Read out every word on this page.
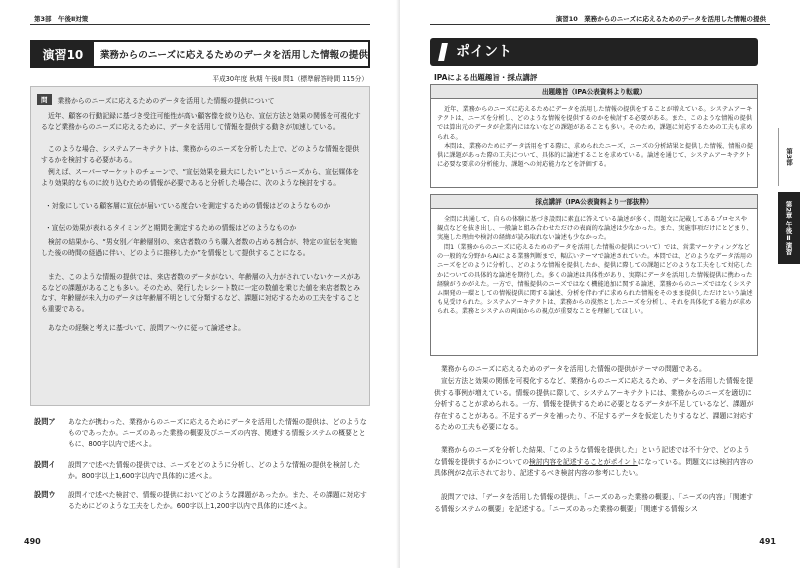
第3部　午後Ⅱ対策
演習10	業務からのニーズに応えるためのデータを活用した情報の提供
平成30年度 秋期 午後Ⅱ 問1（標準解答時間 115分）
問	業務からのニーズに応えるためのデータを活用した情報の提供について

近年、顧客の行動記録に基づき受注可能性が高い顧客像を絞り込む、宣伝方法と効果の関係を可視化するなど業務からのニーズに応えるために、データを活用して情報を提供する動きが加速している。

このような場合、システムアーキテクトは、業務からのニーズを分析した上で、どのような情報を提供するかを検討する必要がある。

例えば、スーパーマーケットのチェーンで、“宣伝効果を最大にしたい”というニーズから、宣伝媒体をより効果的なものに絞り込むための情報が必要であると分析した場合に、次のような検討をする。

・対象にしている顧客層に宣伝が届いている度合いを測定するための情報はどのようなものか

・宣伝の効果が表れるタイミングと期間を測定するための情報はどのようなものか

検討の結果から、“男女別／年齢層別の、来店者数のうち購入者数の占める割合が、特定の宣伝を実施した後の時間の経過に伴い、どのように推移したか”を情報として提供することになる。

また、このような情報の提供では、来店者数のデータがない、年齢層の入力がされていないケースがあるなどの課題があることも多い。そのため、発行したレシート数に一定の数値を乗じた値を来店者数とみなす、年齢層が未入力のデータは年齢層不明として分類するなど、課題に対応するための工夫をすることも重要である。

あなたの経験と考えに基づいて、設問ア～ウに従って論述せよ。

設問ア	あなたが携わった、業務からのニーズに応えるためにデータを活用した情報の提供は、どのようなものであったか。ニーズのあった業務の概要及びニーズの内容、関連する情報システムの概要とともに、800字以内で述べよ。
設問イ	設問アで述べた情報の提供では、ニーズをどのように分析し、どのような情報の提供を検討したか。800字以上1,600字以内で具体的に述べよ。
設問ウ	設問イで述べた検討で、情報の提供においてどのような課題があったか。また、その課題に対応するためにどのような工夫をしたか。600字以上1,200字以内で具体的に述べよ。
490
演習10　業務からのニーズに応えるためのデータを活用した情報の提供
ポイント
IPAによる出題趣旨・採点講評
出題趣旨（IPA公表資料より転載）

近年、業務からのニーズに応えるためにデータを活用した情報の提供をすることが増えている。システムアーキテクトは、ニーズを分析し、どのような情報を提供するのかを検討する必要がある。また、このような情報の提供では算出元のデータが企業内にはないなどの課題があることも多い。そのため、課題に対応するための工夫も求められる。

本問は、業務のためにデータ活用をする際に、求められたニーズ、ニーズの分析結果と提供した情報、情報の提供に課題があった際の工夫について、具体的に論述することを求めている。論述を通じて、システムアーキテクトに必要な要求の分析能力、課題への対応能力などを評価する。

採点講評（IPA公表資料より一部抜粋）

全問に共通して、自らの体験に基づき設問に素直に答えている論述が多く、問題文に記載してあるプロセスや観点などを抜き出し、一般論と組み合わせただけの表面的な論述は少なかった。また、実施事項だけにとどまり、実施した理由や検討の経緯が読み取れない論述も少なかった。

問1（業務からのニーズに応えるためのデータを活用した情報の提供について）では、営業マーケティングなどの一般的な分野からAIによる業務判断まで、幅広いテーマで論述されていた。本問では、どのようなデータ活用のニーズをどのように分析し、どのような情報を提供したか、提供に際しての課題にどのような工夫をして対応したかについての具体的な論述を期待した。多くの論述は具体性があり、実際にデータを活用した情報提供に携わった経験がうかがえた。一方で、情報提供のニーズではなく機能追加に関する論述、業務からのニーズではなくシステム開発の一環としての情報提供に関する論述、分析を伴わずに求められた情報をそのまま提供しただけという論述も見受けられた。システムアーキテクトは、業務からの漠然としたニーズを分析し、それを具体化する能力が求められる。業務とシステムの両面からの視点が重要なことを理解してほしい。

業務からのニーズに応えるためのデータを活用した情報の提供がテーマの問題である。

宣伝方法と効果の関係を可視化するなど、業務からのニーズに応えるため、データを活用した情報を提供する事例が増えている。情報の提供に際して、システムアーキテクトには、業務からのニーズを適切に分析することが求められる。一方、情報を提供するために必要となるデータが不足しているなど、課題が存在することがある。不足するデータを補ったり、不足するデータを仮定したりするなど、課題に対応するための工夫も必要になる。

業務からのニーズを分析した結果、「このような情報を提供した」という記述では不十分で、どのような情報を提供するかについての検討内容を記述することがポイントになっている。問題文には検討内容の具体例が2点示されており、記述するべき検討内容の参考にしたい。

設問アでは、「データを活用した情報の提供」、「ニーズのあった業務の概要」、「ニーズの内容」「関連する情報システムの概要」を記述する。「ニーズのあった業務の概要」「関連する情報シス

第3部
第2章 午後Ⅱ演習
491
